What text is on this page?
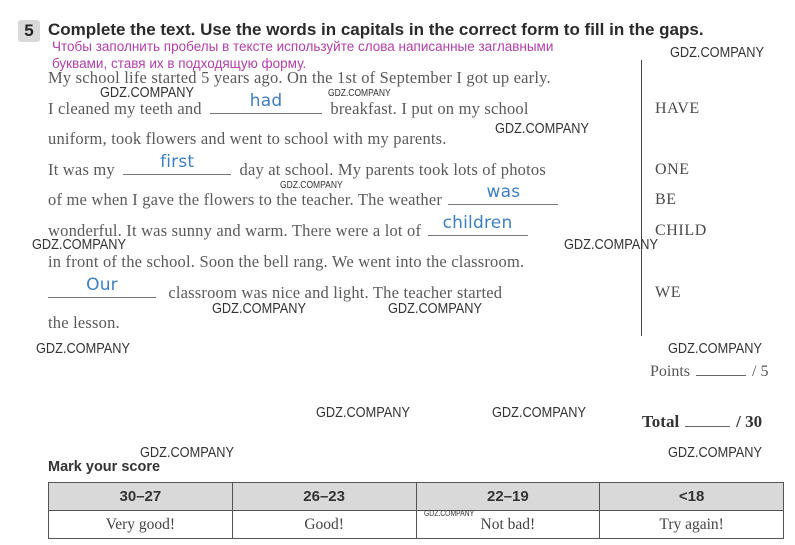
5 Complete the text. Use the words in capitals in the correct form to fill in the gaps.
Чтобы заполнить пробелы в тексте используйте слова написанные заглавными
буквами, ставя их в подходящую форму.
My school life started 5 years ago. On the 1st of September I got up early.
I cleaned my teeth and	had	breakfast. I put on my school
uniform, took flowers and went to school with my parents.
It was my	first	day at school. My parents took lots of photos
of me when I gave the flowers to the teacher. The weather	was
wonderful. It was sunny and warm. There were a lot of	children
in front of the school. Soon the bell rang. We went into the classroom.
Our	classroom was nice and light. The teacher started
the lesson.
HAVE
ONE
BE
CHILD
WE
Points	/ 5
Total	/ 30
Mark your score
30–27	26–23	22–19	<18
Very good!	Good!	Not bad!	Try again!
GDZ.COMPANY
GDZ.COMPANY	GDZ.COMPANY
GDZ.COMPANY
GDZ.COMPANY
GDZ.COMPANY	GDZ.COMPANY
GDZ.COMPANY	GDZ.COMPANY
GDZ.COMPANY	GDZ.COMPANY
GDZ.COMPANY	GDZ.COMPANY
GDZ.COMPANY	GDZ.COMPANY
GDZ.COMPANY
